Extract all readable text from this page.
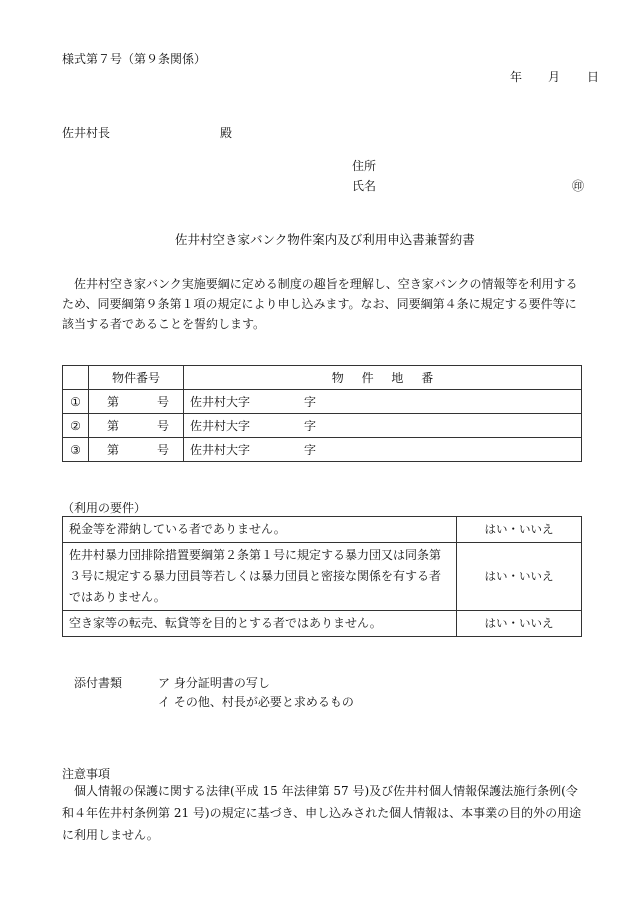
様式第７号（第９条関係）
年 月 日
佐井村長	殿
住所
氏名	㊞
佐井村空き家バンク物件案内及び利用申込書兼誓約書
佐井村空き家バンク実施要綱に定める制度の趣旨を理解し、空き家バンクの情報等を利用するため、同要綱第９条第１項の規定により申し込みます。なお、同要綱第４条に規定する要件等に該当する者であることを誓約します。
	物件番号	物 件 地 番
①	第 号	佐井村大字 字
②	第 号	佐井村大字 字
③	第 号	佐井村大字 字
（利用の要件）
税金等を滞納している者でありません。	はい・いいえ
佐井村暴力団排除措置要綱第２条第１号に規定する暴力団又は同条第３号に規定する暴力団員等若しくは暴力団員と密接な関係を有する者ではありません。	はい・いいえ
空き家等の転売、転貸等を目的とする者ではありません。	はい・いいえ
添付書類	ア 身分証明書の写し
イ その他、村長が必要と求めるもの
注意事項
個人情報の保護に関する法律(平成 15 年法律第 57 号)及び佐井村個人情報保護法施行条例(令和４年佐井村条例第 21 号)の規定に基づき、申し込みされた個人情報は、本事業の目的外の用途に利用しません。
